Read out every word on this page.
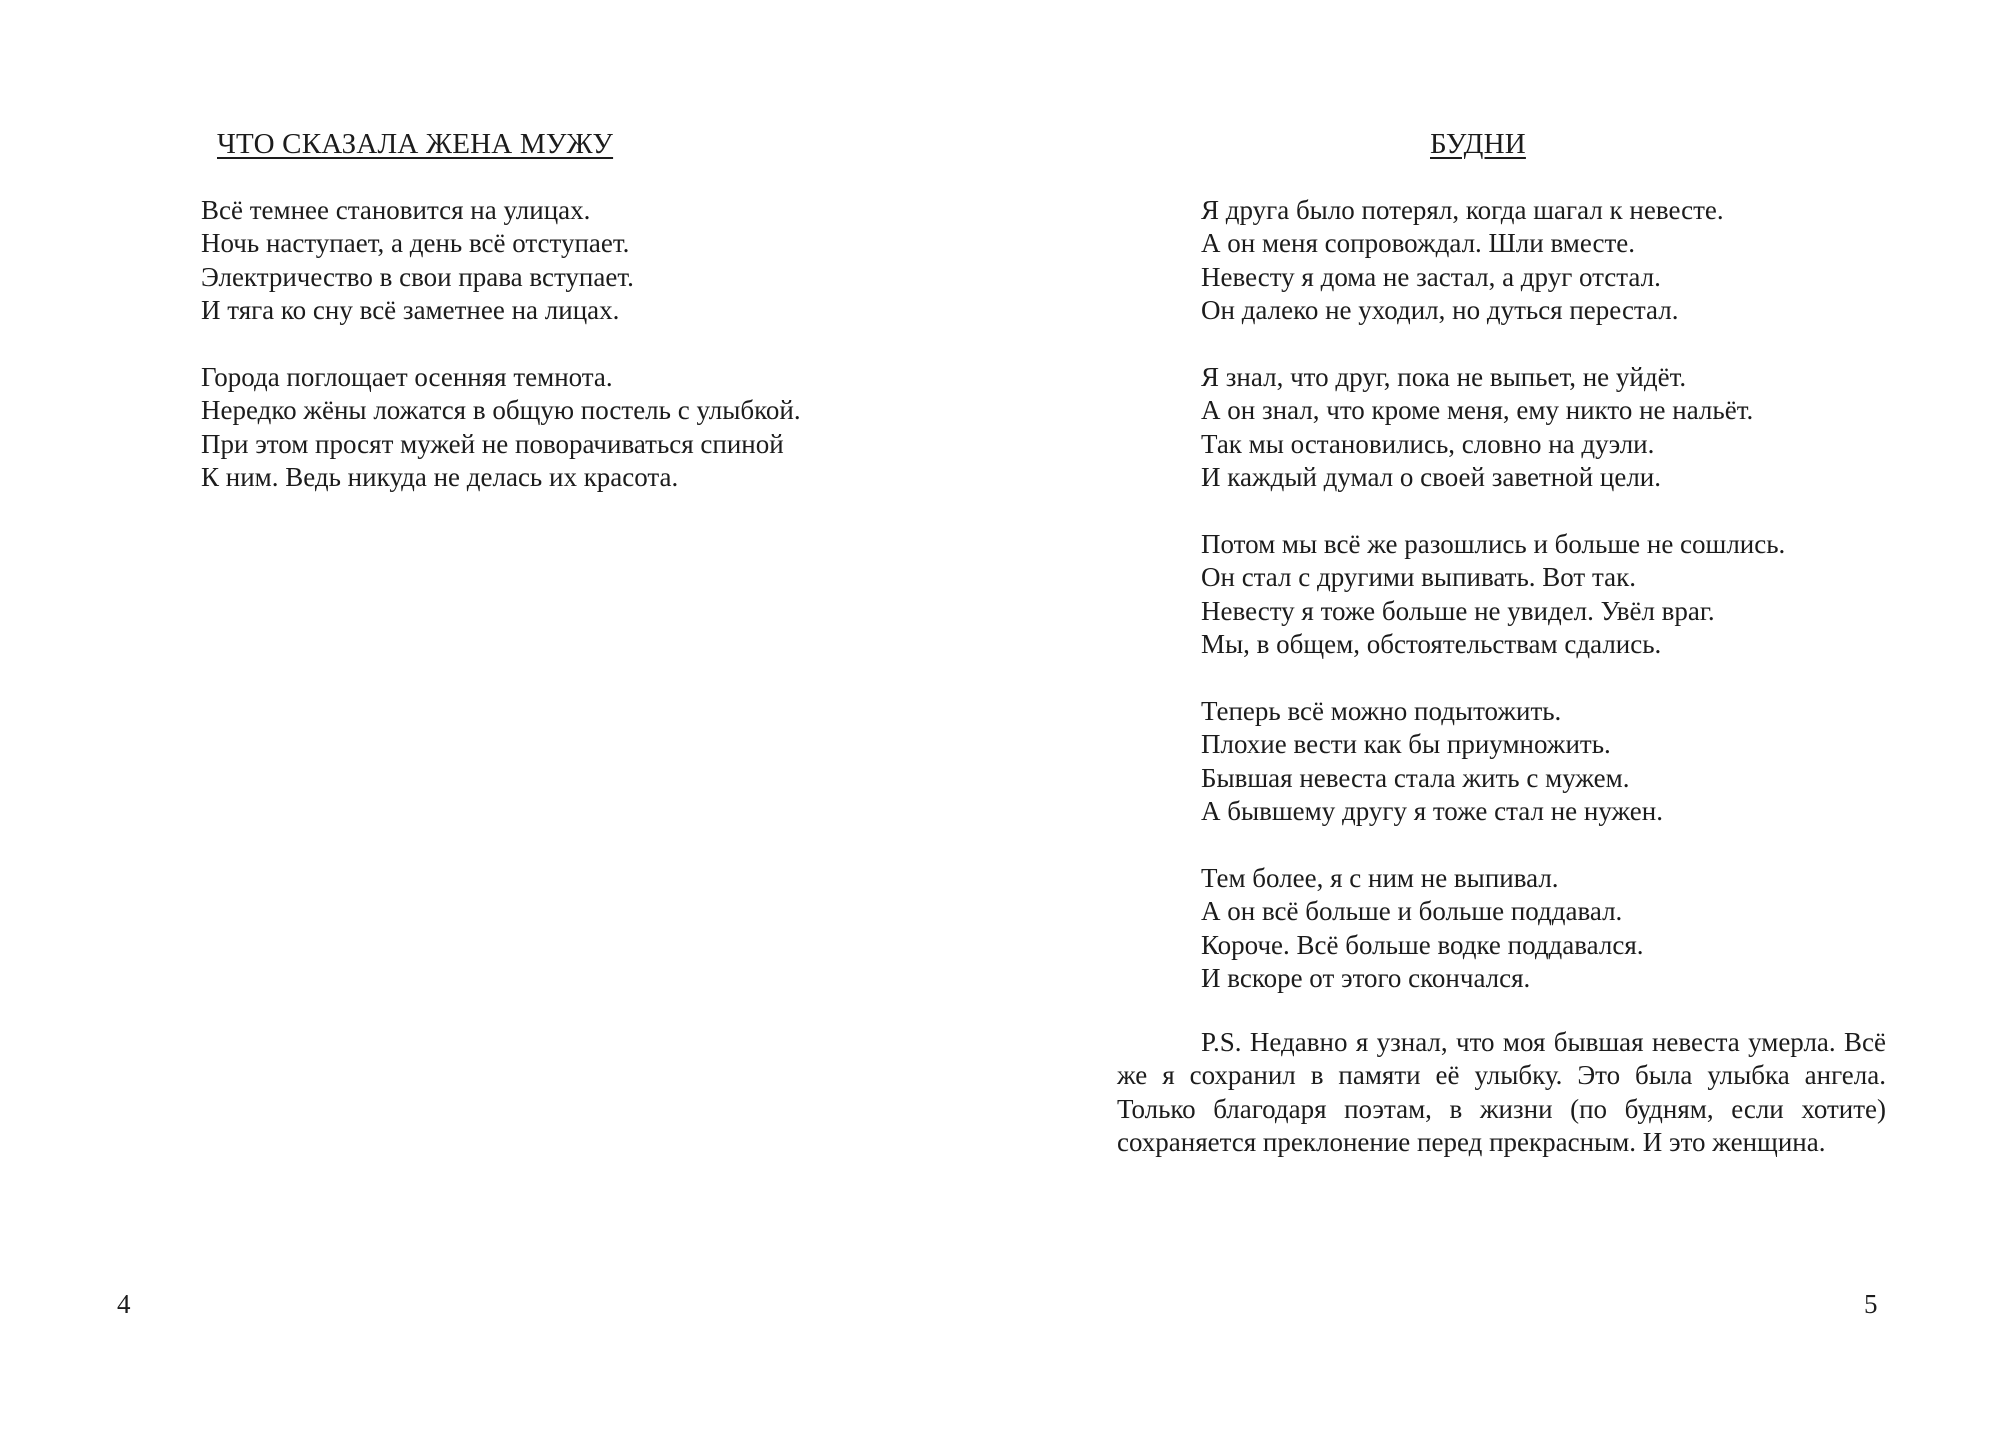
ЧТО СКАЗАЛА ЖЕНА МУЖУ
Всё темнее становится на улицах.
Ночь наступает, а день всё отступает.
Электричество в свои права вступает.
И тяга ко сну всё заметнее на лицах.
Города поглощает осенняя темнота.
Нередко жёны ложатся в общую постель с улыбкой.
При этом просят мужей не поворачиваться спиной
К ним. Ведь никуда не делась их красота.
4
БУДНИ
Я друга было потерял, когда шагал к невесте.
А он меня сопровождал. Шли вместе.
Невесту я дома не застал, а друг отстал.
Он далеко не уходил, но дуться перестал.
Я знал, что друг, пока не выпьет, не уйдёт.
А он знал, что кроме меня, ему никто не нальёт.
Так мы остановились, словно на дуэли.
И каждый думал о своей заветной цели.
Потом мы всё же разошлись и больше не сошлись.
Он стал с другими выпивать. Вот так.
Невесту я тоже больше не увидел. Увёл враг.
Мы, в общем, обстоятельствам сдались.
Теперь всё можно подытожить.
Плохие вести как бы приумножить.
Бывшая невеста стала жить с мужем.
А бывшему другу я тоже стал не нужен.
Тем более, я с ним не выпивал.
А он всё больше и больше поддавал.
Короче. Всё больше водке поддавался.
И вскоре от этого скончался.

P.S. Недавно я узнал, что моя бывшая невеста умерла. Всё же я сохранил в памяти её улыбку. Это была улыбка ангела. Только благодаря поэтам, в жизни (по будням, если хотите) сохраняется преклонение перед прекрасным. И это женщина.

5
